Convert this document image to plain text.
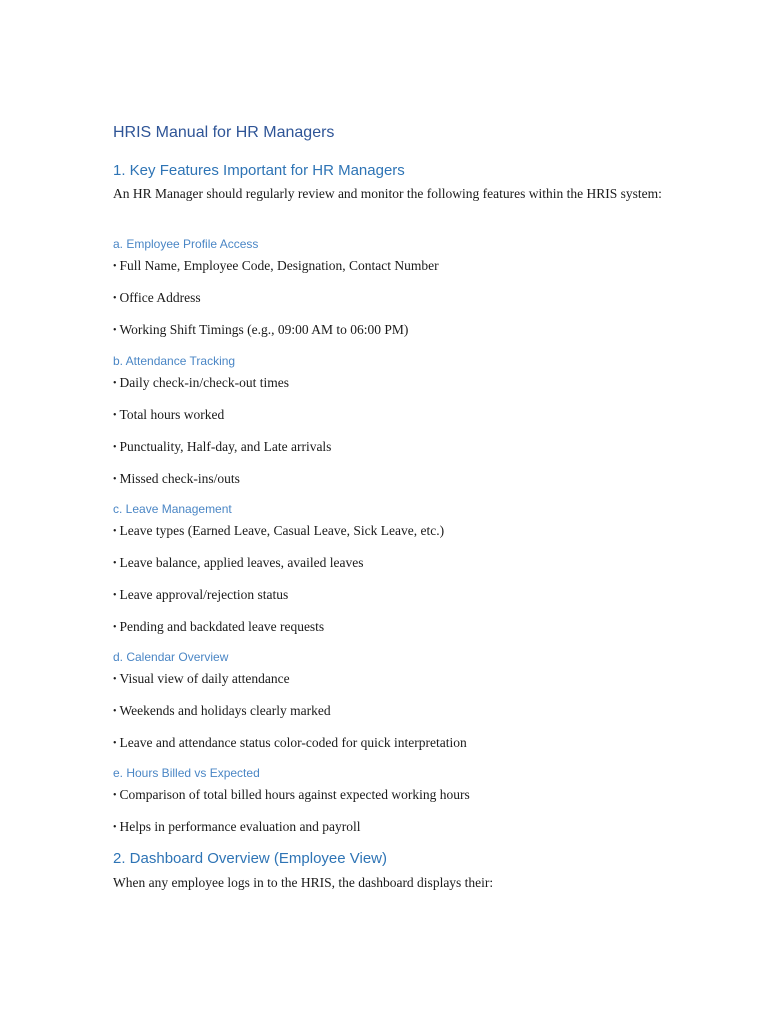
HRIS Manual for HR Managers
1. Key Features Important for HR Managers

An HR Manager should regularly review and monitor the following features within the HRIS system:

a. Employee Profile Access

• Full Name, Employee Code, Designation, Contact Number

• Office Address

• Working Shift Timings (e.g., 09:00 AM to 06:00 PM)

b. Attendance Tracking

• Daily check-in/check-out times

• Total hours worked

• Punctuality, Half-day, and Late arrivals

• Missed check-ins/outs

c. Leave Management

• Leave types (Earned Leave, Casual Leave, Sick Leave, etc.)

• Leave balance, applied leaves, availed leaves

• Leave approval/rejection status

• Pending and backdated leave requests

d. Calendar Overview

• Visual view of daily attendance

• Weekends and holidays clearly marked

• Leave and attendance status color-coded for quick interpretation

e. Hours Billed vs Expected

• Comparison of total billed hours against expected working hours

• Helps in performance evaluation and payroll

2. Dashboard Overview (Employee View)

When any employee logs in to the HRIS, the dashboard displays their:
